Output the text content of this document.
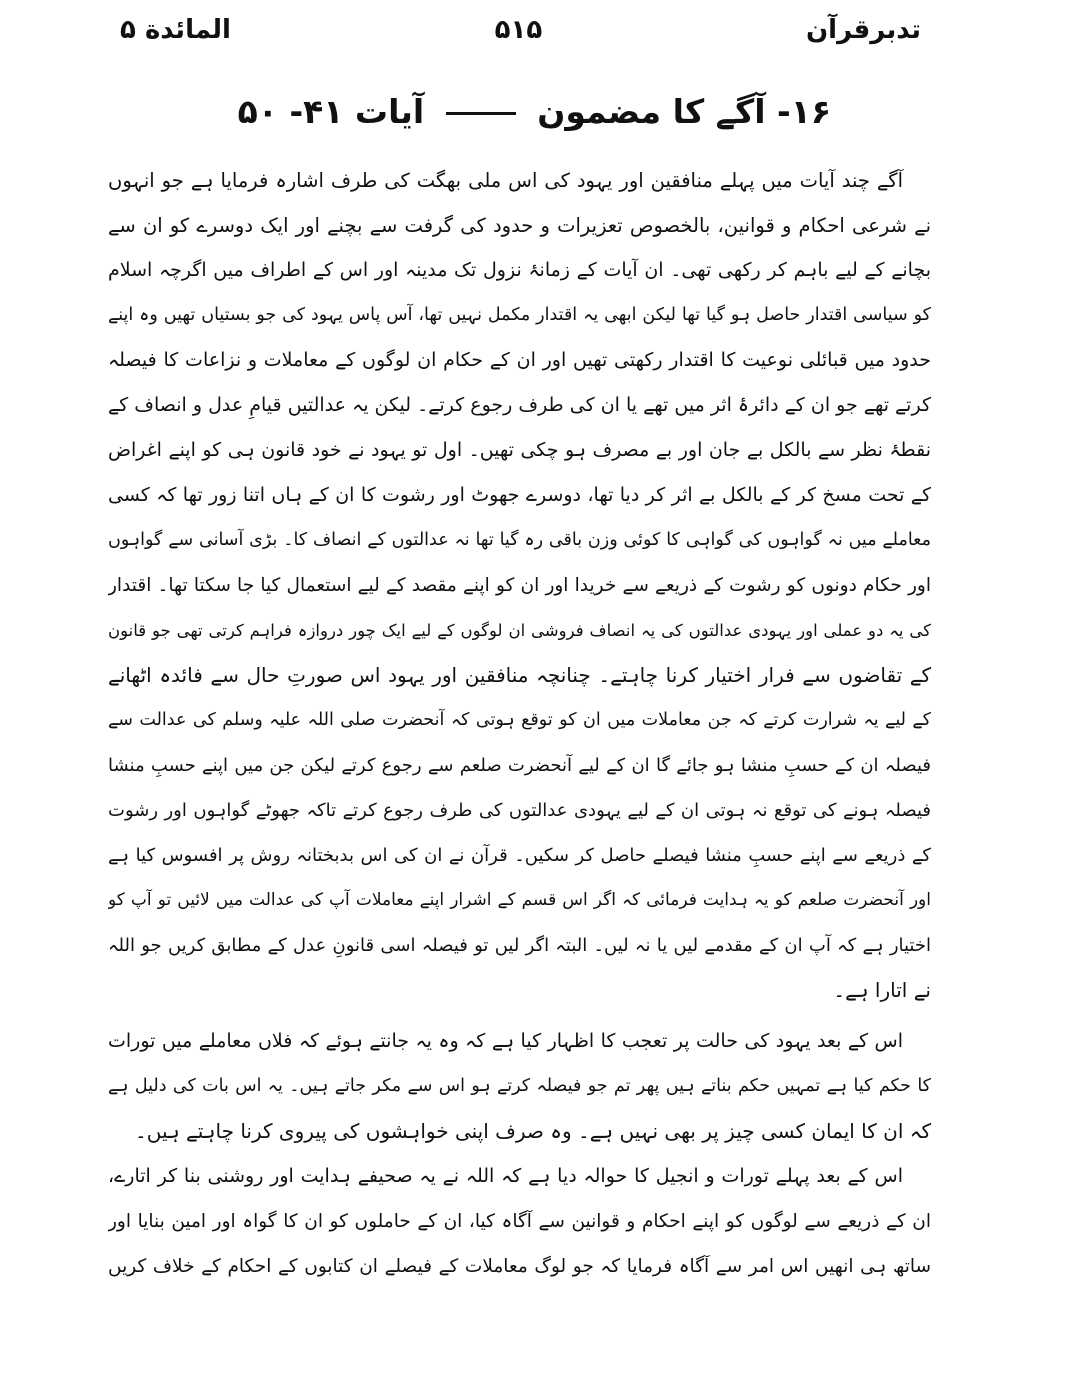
تدبرقرآن
۵۱۵
المائدة ۵
۱۶- آگے کا مضمون  آیات ۴۱- ۵۰
آگے چند آیات میں پہلے منافقین اور یہود کی اس ملی بھگت کی طرف اشارہ فرمایا ہے جو انہوں
نے شرعی احکام و قوانین، بالخصوص تعزیرات و حدود کی گرفت سے بچنے اور ایک دوسرے کو ان سے
بچانے کے لیے باہم کر رکھی تھی۔ ان آیات کے زمانۂ نزول تک مدینہ اور اس کے اطراف میں اگرچہ اسلام
کو سیاسی اقتدار حاصل ہو گیا تھا لیکن ابھی یہ اقتدار مکمل نہیں تھا، آس پاس یہود کی جو بستیاں تھیں وہ اپنے
حدود میں قبائلی نوعیت کا اقتدار رکھتی تھیں اور ان کے حکام ان لوگوں کے معاملات و نزاعات کا فیصلہ
کرتے تھے جو ان کے دائرۂ اثر میں تھے یا ان کی طرف رجوع کرتے۔ لیکن یہ عدالتیں قیامِ عدل و انصاف کے
نقطۂ نظر سے بالکل بے جان اور بے مصرف ہو چکی تھیں۔ اول تو یہود نے خود قانون ہی کو اپنے اغراض
کے تحت مسخ کر کے بالکل بے اثر کر دیا تھا، دوسرے جھوٹ اور رشوت کا ان کے ہاں اتنا زور تھا کہ کسی
معاملے میں نہ گواہوں کی گواہی کا کوئی وزن باقی رہ گیا تھا نہ عدالتوں کے انصاف کا۔ بڑی آسانی سے گواہوں
اور حکام دونوں کو رشوت کے ذریعے سے خریدا اور ان کو اپنے مقصد کے لیے استعمال کیا جا سکتا تھا۔ اقتدار
کی یہ دو عملی اور یہودی عدالتوں کی یہ انصاف فروشی ان لوگوں کے لیے ایک چور دروازہ فراہم کرتی تھی جو قانون
کے تقاضوں سے فرار اختیار کرنا چاہتے۔ چنانچہ منافقین اور یہود اس صورتِ حال سے فائدہ اٹھانے
کے لیے یہ شرارت کرتے کہ جن معاملات میں ان کو توقع ہوتی کہ آنحضرت صلی اللہ علیہ وسلم کی عدالت سے
فیصلہ ان کے حسبِ منشا ہو جائے گا ان کے لیے آنحضرت صلعم سے رجوع کرتے لیکن جن میں اپنے حسبِ منشا
فیصلہ ہونے کی توقع نہ ہوتی ان کے لیے یہودی عدالتوں کی طرف رجوع کرتے تاکہ جھوٹے گواہوں اور رشوت
کے ذریعے سے اپنے حسبِ منشا فیصلے حاصل کر سکیں۔ قرآن نے ان کی اس بدبختانہ روش پر افسوس کیا ہے
اور آنحضرت صلعم کو یہ ہدایت فرمائی کہ اگر اس قسم کے اشرار اپنے معاملات آپ کی عدالت میں لائیں تو آپ کو
اختیار ہے کہ آپ ان کے مقدمے لیں یا نہ لیں۔ البتہ اگر لیں تو فیصلہ اسی قانونِ عدل کے مطابق کریں جو اللہ
نے اتارا ہے۔
اس کے بعد یہود کی حالت پر تعجب کا اظہار کیا ہے کہ وہ یہ جانتے ہوئے کہ فلاں معاملے میں تورات
کا حکم کیا ہے تمہیں حکم بناتے ہیں پھر تم جو فیصلہ کرتے ہو اس سے مکر جاتے ہیں۔ یہ اس بات کی دلیل ہے
کہ ان کا ایمان کسی چیز پر بھی نہیں ہے۔ وہ صرف اپنی خواہشوں کی پیروی کرنا چاہتے ہیں۔
اس کے بعد پہلے تورات و انجیل کا حوالہ دیا ہے کہ اللہ نے یہ صحیفے ہدایت اور روشنی بنا کر اتارے،
ان کے ذریعے سے لوگوں کو اپنے احکام و قوانین سے آگاہ کیا، ان کے حاملوں کو ان کا گواہ اور امین بنایا اور
ساتھ ہی انھیں اس امر سے آگاہ فرمایا کہ جو لوگ معاملات کے فیصلے ان کتابوں کے احکام کے خلاف کریں
